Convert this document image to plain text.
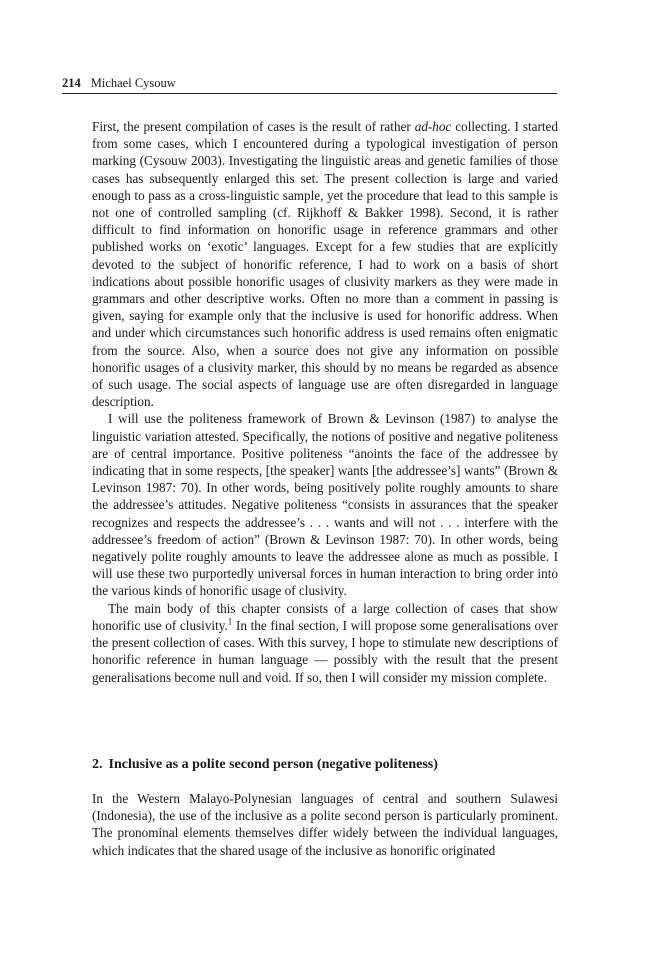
214 Michael Cysouw

First, the present compilation of cases is the result of rather ad-hoc collecting. I started from some cases, which I encountered during a typological investigation of person marking (Cysouw 2003). Investigating the linguistic areas and genetic families of those cases has subsequently enlarged this set. The present collection is large and varied enough to pass as a cross-linguistic sample, yet the procedure that lead to this sample is not one of controlled sampling (cf. Rijkhoff & Bakker 1998). Second, it is rather difficult to find information on honorific usage in reference grammars and other published works on ‘exotic’ languages. Except for a few studies that are explicitly devoted to the subject of honorific reference, I had to work on a basis of short indications about possible honorific usages of clusivity markers as they were made in grammars and other descriptive works. Often no more than a comment in passing is given, saying for example only that the inclusive is used for honorific address. When and under which circumstances such honorific address is used remains often enigmatic from the source. Also, when a source does not give any information on possible honorific usages of a clusivity marker, this should by no means be regarded as absence of such usage. The social aspects of language use are often disregarded in language description.

I will use the politeness framework of Brown & Levinson (1987) to analyse the linguistic variation attested. Specifically, the notions of positive and negative politeness are of central importance. Positive politeness “anoints the face of the addressee by indicating that in some respects, [the speaker] wants [the addressee’s] wants” (Brown & Levinson 1987: 70). In other words, being positively polite roughly amounts to share the addressee’s attitudes. Negative politeness “consists in assurances that the speaker recognizes and respects the addressee’s . . . wants and will not . . . interfere with the addressee’s freedom of action” (Brown & Levinson 1987: 70). In other words, being negatively polite roughly amounts to leave the addressee alone as much as possible. I will use these two purportedly universal forces in human interaction to bring order into the various kinds of honorific usage of clusivity.

The main body of this chapter consists of a large collection of cases that show honorific use of clusivity.$^1$ In the final section, I will propose some generalisations over the present collection of cases. With this survey, I hope to stimulate new descriptions of honorific reference in human language — possibly with the result that the present generalisations become null and void. If so, then I will consider my mission complete.

2. Inclusive as a polite second person (negative politeness)

In the Western Malayo-Polynesian languages of central and southern Sulawesi (Indonesia), the use of the inclusive as a polite second person is particularly prominent. The pronominal elements themselves differ widely between the individual languages, which indicates that the shared usage of the inclusive as honorific originated
